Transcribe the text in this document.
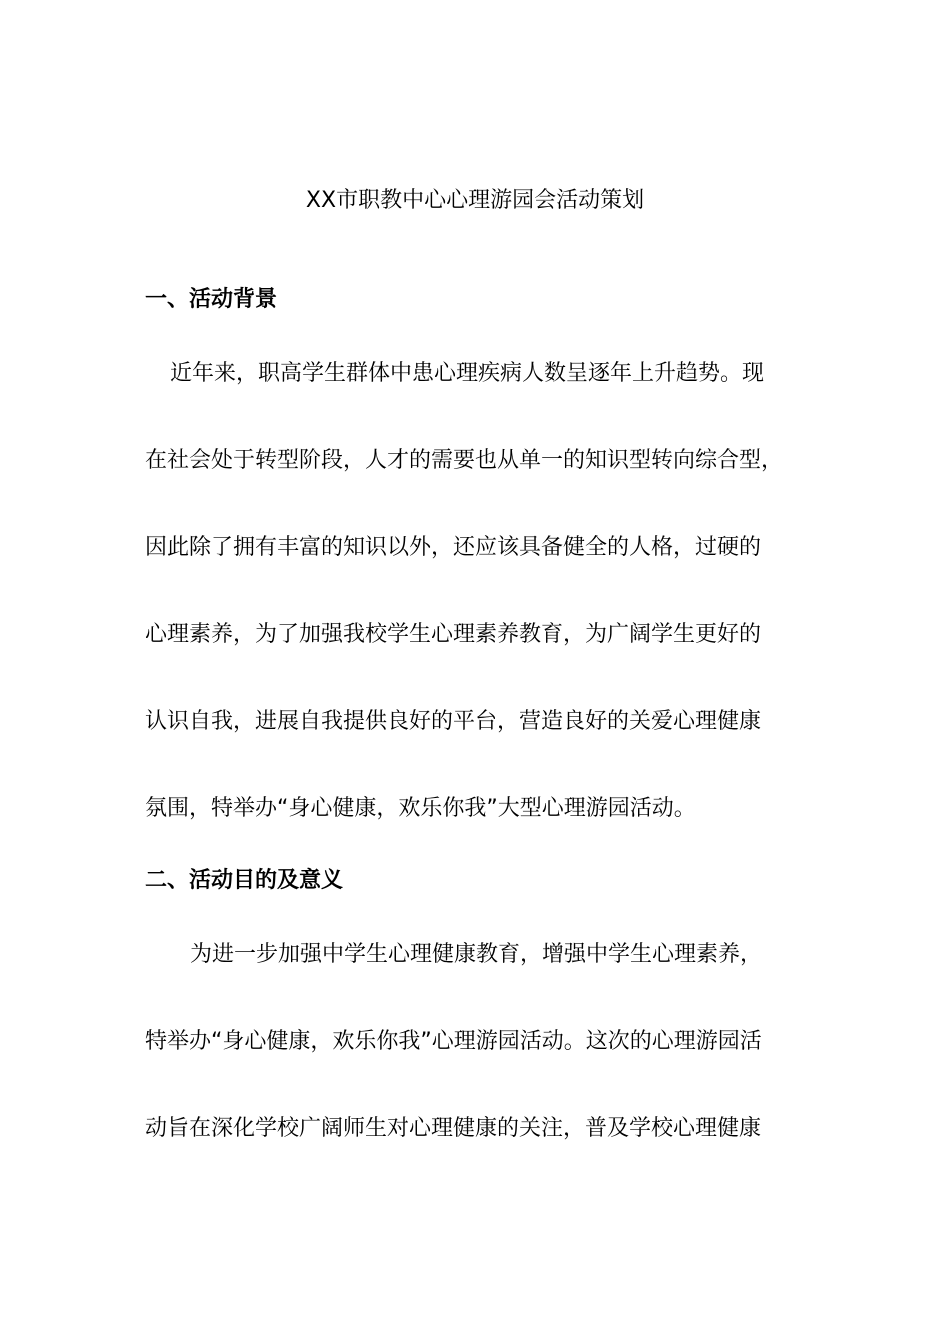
XX市职教中心心理游园会活动策划
一、活动背景
近年来，职高学生群体中患心理疾病人数呈逐年上升趋势。现
在社会处于转型阶段，人才的需要也从单一的知识型转向综合型，
因此除了拥有丰富的知识以外，还应该具备健全的人格，过硬的
心理素养，为了加强我校学生心理素养教育，为广阔学生更好的
认识自我，进展自我提供良好的平台，营造良好的关爱心理健康
氛围，特举办“身心健康，欢乐你我”大型心理游园活动。
二、活动目的及意义
为进一步加强中学生心理健康教育，增强中学生心理素养，
特举办“身心健康，欢乐你我”心理游园活动。这次的心理游园活
动旨在深化学校广阔师生对心理健康的关注，普及学校心理健康
